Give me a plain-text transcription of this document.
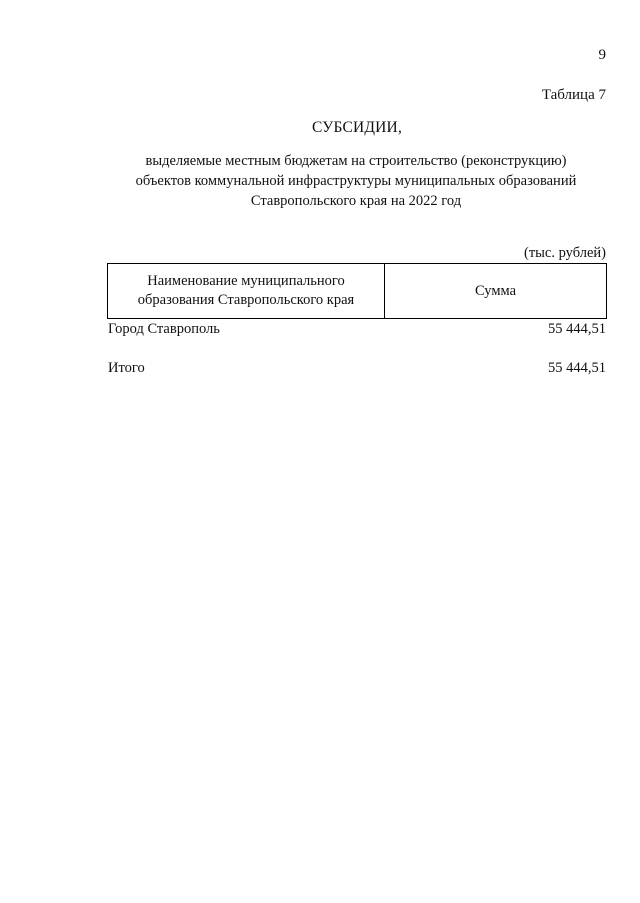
9
Таблица 7
СУБСИДИИ,
выделяемые местным бюджетам на строительство (реконструкцию)
объектов коммунальной инфраструктуры муниципальных образований
Ставропольского края на 2022 год
(тыс. рублей)
Наименование муниципального
образования Ставропольского края
Сумма
Город Ставрополь	55 444,51
Итого	55 444,51
